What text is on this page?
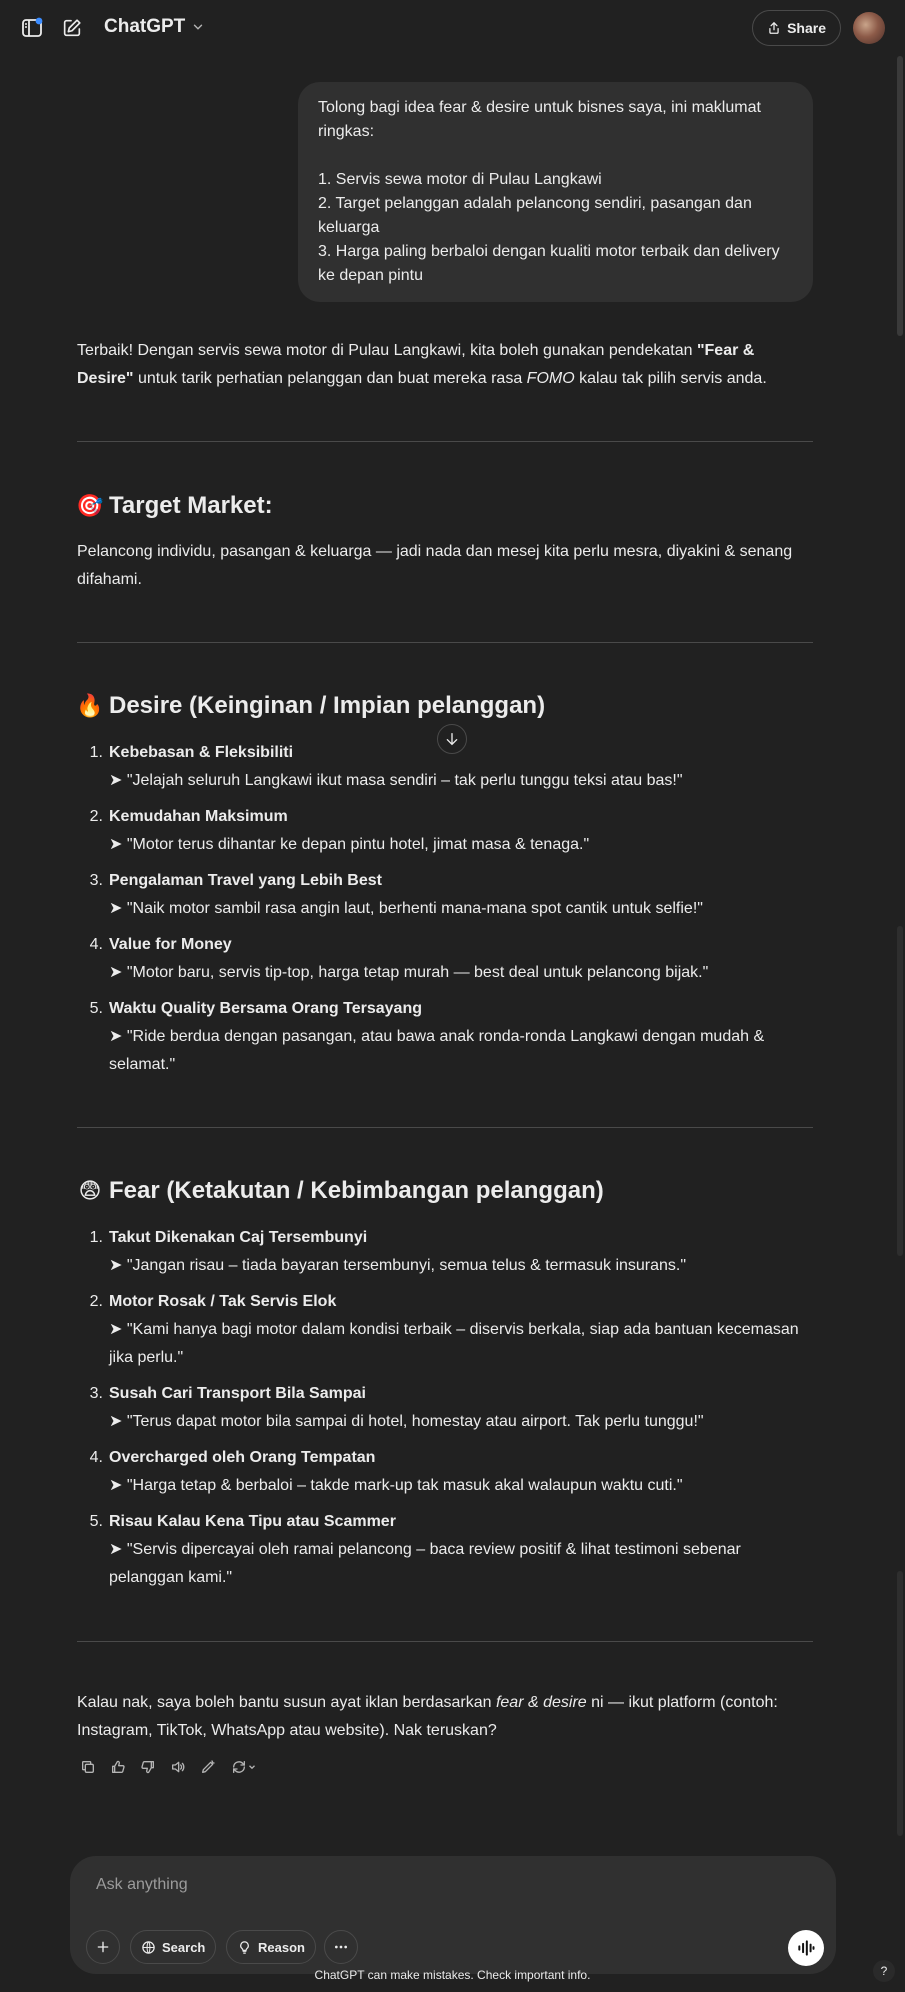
ChatGPT	Share

Tolong bagi idea fear & desire untuk bisnes saya, ini maklumat ringkas:

1. Servis sewa motor di Pulau Langkawi

2. Target pelanggan adalah pelancong sendiri, pasangan dan keluarga

3. Harga paling berbaloi dengan kualiti motor terbaik dan delivery ke depan pintu

Terbaik! Dengan servis sewa motor di Pulau Langkawi, kita boleh gunakan pendekatan "Fear & Desire" untuk tarik perhatian pelanggan dan buat mereka rasa FOMO kalau tak pilih servis anda.

🎯 Target Market:

Pelancong individu, pasangan & keluarga — jadi nada dan mesej kita perlu mesra, diyakini & senang difahami.

🔥 Desire (Keinginan / Impian pelanggan)
1. Kebebasan & Fleksibiliti
➤ "Jelajah seluruh Langkawi ikut masa sendiri – tak perlu tunggu teksi atau bas!"
2. Kemudahan Maksimum
➤ "Motor terus dihantar ke depan pintu hotel, jimat masa & tenaga."
3. Pengalaman Travel yang Lebih Best
➤ "Naik motor sambil rasa angin laut, berhenti mana-mana spot cantik untuk selfie!"
4. Value for Money
➤ "Motor baru, servis tip-top, harga tetap murah — best deal untuk pelancong bijak."
5. Waktu Quality Bersama Orang Tersayang
➤ "Ride berdua dengan pasangan, atau bawa anak ronda-ronda Langkawi dengan mudah & selamat."
😨 Fear (Ketakutan / Kebimbangan pelanggan)
1. Takut Dikenakan Caj Tersembunyi
➤ "Jangan risau – tiada bayaran tersembunyi, semua telus & termasuk insurans."
2. Motor Rosak / Tak Servis Elok
➤ "Kami hanya bagi motor dalam kondisi terbaik – diservis berkala, siap ada bantuan kecemasan jika perlu."
3. Susah Cari Transport Bila Sampai
➤ "Terus dapat motor bila sampai di hotel, homestay atau airport. Tak perlu tunggu!"
4. Overcharged oleh Orang Tempatan
➤ "Harga tetap & berbaloi – takde mark-up tak masuk akal walaupun waktu cuti."
5. Risau Kalau Kena Tipu atau Scammer
➤ "Servis dipercayai oleh ramai pelancong – baca review positif & lihat testimoni sebenar pelanggan kami."

Kalau nak, saya boleh bantu susun ayat iklan berdasarkan fear & desire ni — ikut platform (contoh: Instagram, TikTok, WhatsApp atau website). Nak teruskan?

Ask anything
Search	Reason
ChatGPT can make mistakes. Check important info.	?
